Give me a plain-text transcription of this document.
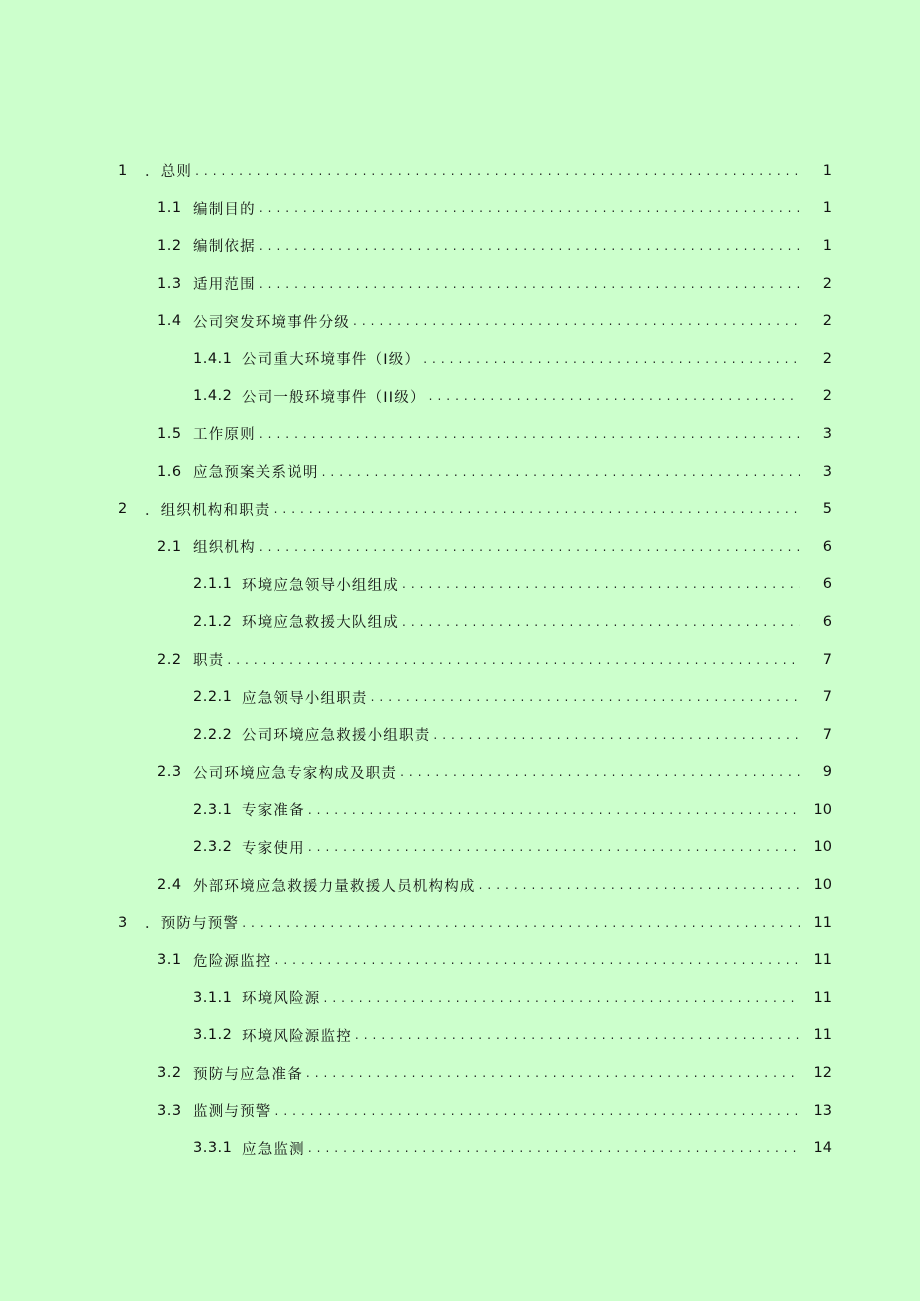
1	．总则 .....	1
1.1 编制目的 .....	1
1.2 编制依据 .....	1
1.3 适用范围 .....	2
1.4 公司突发环境事件分级 .....	2
1.4.1 公司重大环境事件（I级） .....	2
1.4.2 公司一般环境事件（II级） .....	2
1.5 工作原则 .....	3
1.6 应急预案关系说明 .....	3
2	．组织机构和职责 .....	5
2.1 组织机构 .....	6
2.1.1 环境应急领导小组组成 .....	6
2.1.2 环境应急救援大队组成 .....	6
2.2 职责 .....	7
2.2.1 应急领导小组职责 .....	7
2.2.2 公司环境应急救援小组职责 .....	7
2.3 公司环境应急专家构成及职责 .....	9
2.3.1 专家准备 .....	10
2.3.2 专家使用 .....	10
2.4 外部环境应急救援力量救援人员机构构成 .....	10
3	．预防与预警 .....	11
3.1 危险源监控 .....	11
3.1.1 环境风险源 .....	11
3.1.2 环境风险源监控 .....	11
3.2 预防与应急准备 .....	12
3.3 监测与预警 .....	13
3.3.1 应急监测 .....	14
